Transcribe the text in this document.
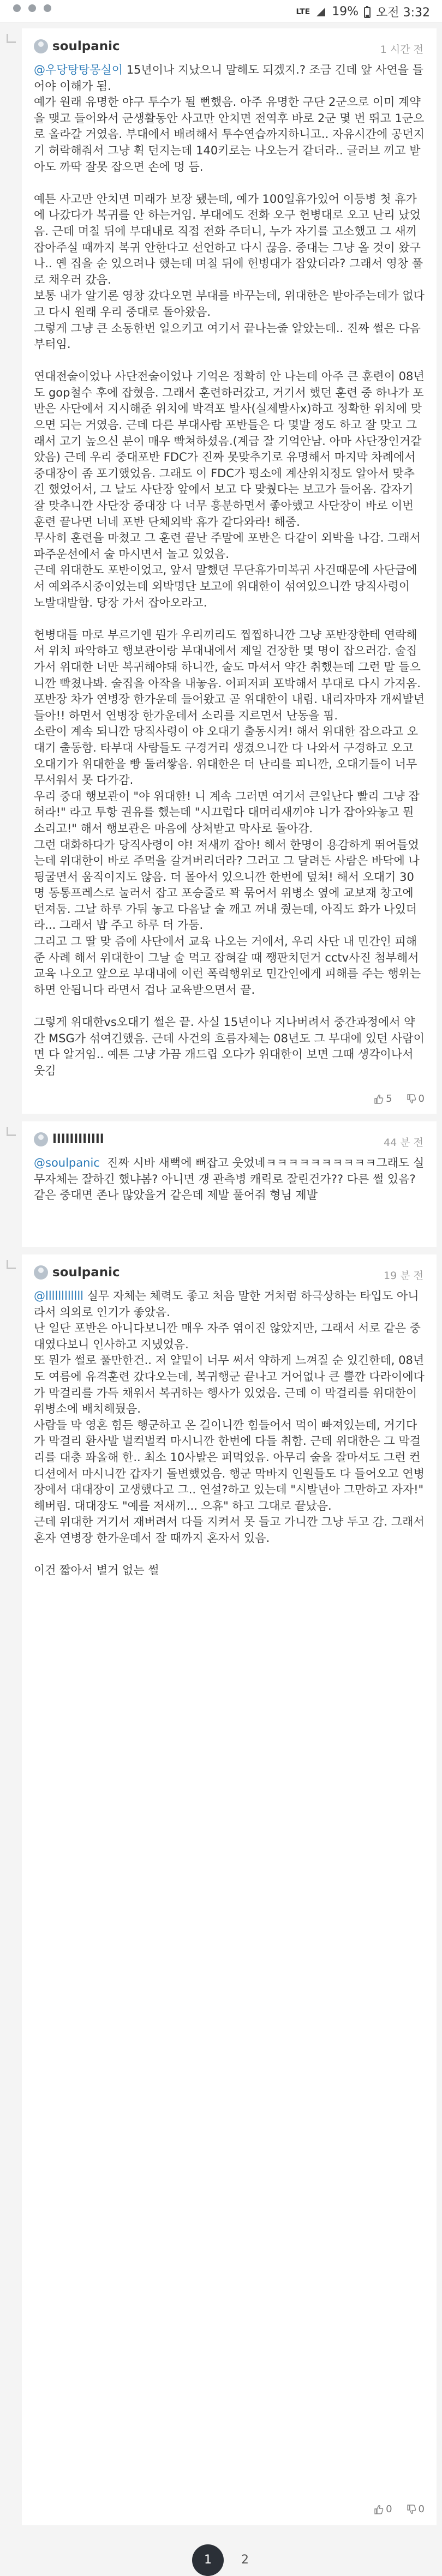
LTE 19% 오전 3:32
soulpanic	1 시간 전
@우당탕탕몽실이 15년이나 지났으니 말해도 되겠지.? 조금 긴데 앞 사연을 들어야 이해가 됨.
예가 원래 유명한 야구 투수가 될 뻔했음. 아주 유명한 구단 2군으로 이미 계약을 맺고 들어와서 군생활동안 사고만 안치면 전역후 바로 2군 몇 번 뛰고 1군으로 올라갈 거였음. 부대에서 배려해서 투수연습까지하니고.. 자유시간에 공던지기 허락해줘서 그냥 휙 던지는데 140키로는 나오는거 같더라.. 글러브 끼고 받아도 까딱 잘못 잡으면 손에 멍 듬.

예튼 사고만 안치면 미래가 보장 됐는데, 예가 100일휴가있어 이등병 첫 휴가에 나갔다가 복귀를 안 하는거임. 부대에도 전화 오구 헌병대로 오고 난리 났었음. 근데 며칠 뒤에 부대내로 직접 전화 주더니, 누가 자기를 고소했고 그 새끼 잡아주실 때까지 복귀 안한다고 선언하고 다시 끊음. 중대는 그냥 올 것이 왔구나.. 옌 집을 순 있으려나 했는데 며칠 뒤에 헌병대가 잡았더라? 그래서 영창 풀로 채우러 갔음.
보통 내가 알기론 영창 갔다오면 부대를 바꾸는데, 위대한은 받아주는데가 없다고 다시 원래 우리 중대로 돌아왔음.
그렇게 그냥 큰 소동한번 일으키고 여기서 끝나는줄 알았는데.. 진짜 썰은 다음부터임.

연대전술이었나 사단전술이었나 기억은 정확히 안 나는데 아주 큰 훈련이 08년도 gop철수 후에 잡혔음. 그래서 훈련하러갔고, 거기서 했던 훈련 중 하나가 포반은 사단에서 지시해준 위치에 박격포 발사(실제발사x)하고 정확한 위치에 맞으면 되는 거였음. 근데 다른 부대사람 포반들은 다 몇발 정도 하고 잘 맞고 그래서 고기 높으신 분이 매우 빡쳐하셨음.(계급 잘 기억안남. 아마 사단장인거같았음) 근데 우리 중대포반 FDC가 진짜 못맞추기로 유명해서 마지막 차례에서 중대장이 좀 포기했었음. 그래도 이 FDC가 평소에 계산위치정도 알아서 맞추긴 했었어서, 그 날도 사단장 앞에서 보고 다 맞췄다는 보고가 들어옴. 갑자기 잘 맞추니깐 사단장 중대장 다 너무 흥분하면서 좋아했고 사단장이 바로 이번 훈련 끝나면 너네 포반 단체외박 휴가 같다와라! 해줌.
무사히 훈련을 마쳤고 그 훈련 끝난 주말에 포반은 다같이 외박을 나감. 그래서 파주운선에서 술 마시면서 놀고 있었음.
근데 위대한도 포반이었고, 앞서 말했던 무단휴가미복귀 사건때문에 사단급에서 예외주시중이었는데 외박명단 보고에 위대한이 섞여있으니깐 당직사령이 노발대발함. 당장 가서 잡아오라고.

헌병대들 마로 부르기엔 뭔가 우리끼리도 찝찝하니깐 그냥 포반장한테 연락해서 위치 파악하고 행보관이랑 부대내에서 제일 건장한 몇 명이 잡으러감. 술집가서 위대한 너만 복귀해야돼 하니깐, 술도 마셔서 약간 취했는데 그런 말 들으니깐 빡쳤나봐. 술집을 아작을 내놓음. 어퍼저퍼 포박해서 부대로 다시 가져옴. 포반장 차가 연병장 한가운데 들어왔고 곧 위대한이 내림. 내리자마자 개씨발년들아!! 하면서 연병장 한가운데서 소리를 지르면서 난동을 핌.
소란이 계속 되니깐 당직사령이 야 오대기 출동시켜! 해서 위대한 잡으라고 오대기 출동함. 타부대 사람들도 구경거리 생겼으니깐 다 나와서 구경하고 오고 오대기가 위대한을 빵 둘러쌓음. 위대한은 더 난리를 피니깐, 오대기들이 너무 무서워서 못 다가감.
우리 중대 행보관이 "야 위대한! 니 계속 그러면 여기서 큰일난다 빨리 그냥 잡혀라!" 라고 투항 권유를 했는데 "시끄럽다 대머리새끼야 니가 잡아와놓고 뭔소리고!" 해서 행보관은 마음에 상처받고 막사로 돌아감.
그런 대화하다가 당직사령이 야! 저새끼 잡아! 해서 한명이 용감하게 뛰어들었는데 위대한이 바로 주먹을 갈겨버리더라? 그러고 그 달려든 사람은 바닥에 나뒹굴면서 움직이지도 않음. 더 몰아서 있으니깐 한번에 덮쳐! 해서 오대기 30명 동통프레스로 눌러서 잡고 포승줄로 꽉 묶어서 위병소 옆에 교보재 창고에 던져둠. 그날 하루 가둬 놓고 다음날 술 깨고 꺼내 줬는데, 아직도 화가 나있더라... 그래서 밥 주고 하루 더 가둠.
그리고 그 딸 맞 즘에 사단에서 교육 나오는 거에서, 우리 사단 내 민간인 피해준 사례 해서 위대한이 그날 술 먹고 잡혀갈 때 쨍판치던거 cctv사진 첨부해서 교육 나오고 앞으로 부대내에 이런 폭력행위로 민간인에게 피해를 주는 행위는 하면 안됩니다 라면서 겁나 교육받으면서 끝.

그렇게 위대한vs오대기 썰은 끝. 사실 15년이나 지나버려서 중간과정에서 약간 MSG가 섞여긴했음. 근데 사건의 흐름자체는 08년도 그 부대에 있던 사람이면 다 알거임.. 예튼 그냥 가끔 개드립 오다가 위대한이 보면 그때 생각이나서 웃김
5	0
llllllllllll	44 분 전
@soulpanic  진짜 시바 새뻑에 뻐잡고 웃었네ㅋㅋㅋㅋㅋㅋㅋㅋㅋㅋ그래도 실무자체는 잘하긴 했냐봄? 아니면 갱 관측병 캐릭로 잘린건가?? 다른 썰 있음? 같은 중대면 존나 많았을거 같은데 제발 풀어줘 형님 제발
soulpanic	19 분 전
@llllllllllll 실무 자체는 체력도 좋고 처음 말한 거처럼 하극상하는 타입도 아니라서 의외로 인기가 좋았음.
난 일단 포반은 아니다보니깐 매우 자주 엮이진 않았지만, 그래서 서로 같은 중대였다보니 인사하고 지냈었음.
또 뭔가 썰로 풀만한건.. 저 얄밑이 너무 써서 약하게 느껴질 순 있긴한데, 08년도 여름에 유격훈련 갔다오는데, 복귀행군 끝나고 거어없나 큰 뿔깐 다라이에다가 막걸리를 가득 채워서 복귀하는 행사가 있었음. 근데 이 막걸리를 위대한이 위병소에 배치해뒀음.
사람들 막 영혼 힘든 행군하고 온 길이니깐 힘들어서 먹이 빠져있는데, 거기다가 막걸리 환사발 벌컥벌컥 마시니깐 한번에 다들 취함. 근데 위대한은 그 막걸리를 대충 퐈올해 한.. 최소 10사발은 퍼먹었음. 아무리 술을 잘마셔도 그런 컨디션에서 마시니깐 갑자기 돌변했었음. 행군 막바지 인원들도 다 들어오고 연병장에서 대대장이 고생했다고 그.. 연설?하고 있는데 "시발년아 그만하고 자자!" 해버림. 대대장도 "예를 저새끼... 으휴" 하고 그대로 끝났음.
근데 위대한 거기서 재버려서 다들 지켜서 못 들고 가니깐 그냥 두고 감. 그래서 혼자 연병장 한가운데서 잘 때까지 혼자서 있음.

이건 짧아서 별거 없는 썰
0	0
1	2
